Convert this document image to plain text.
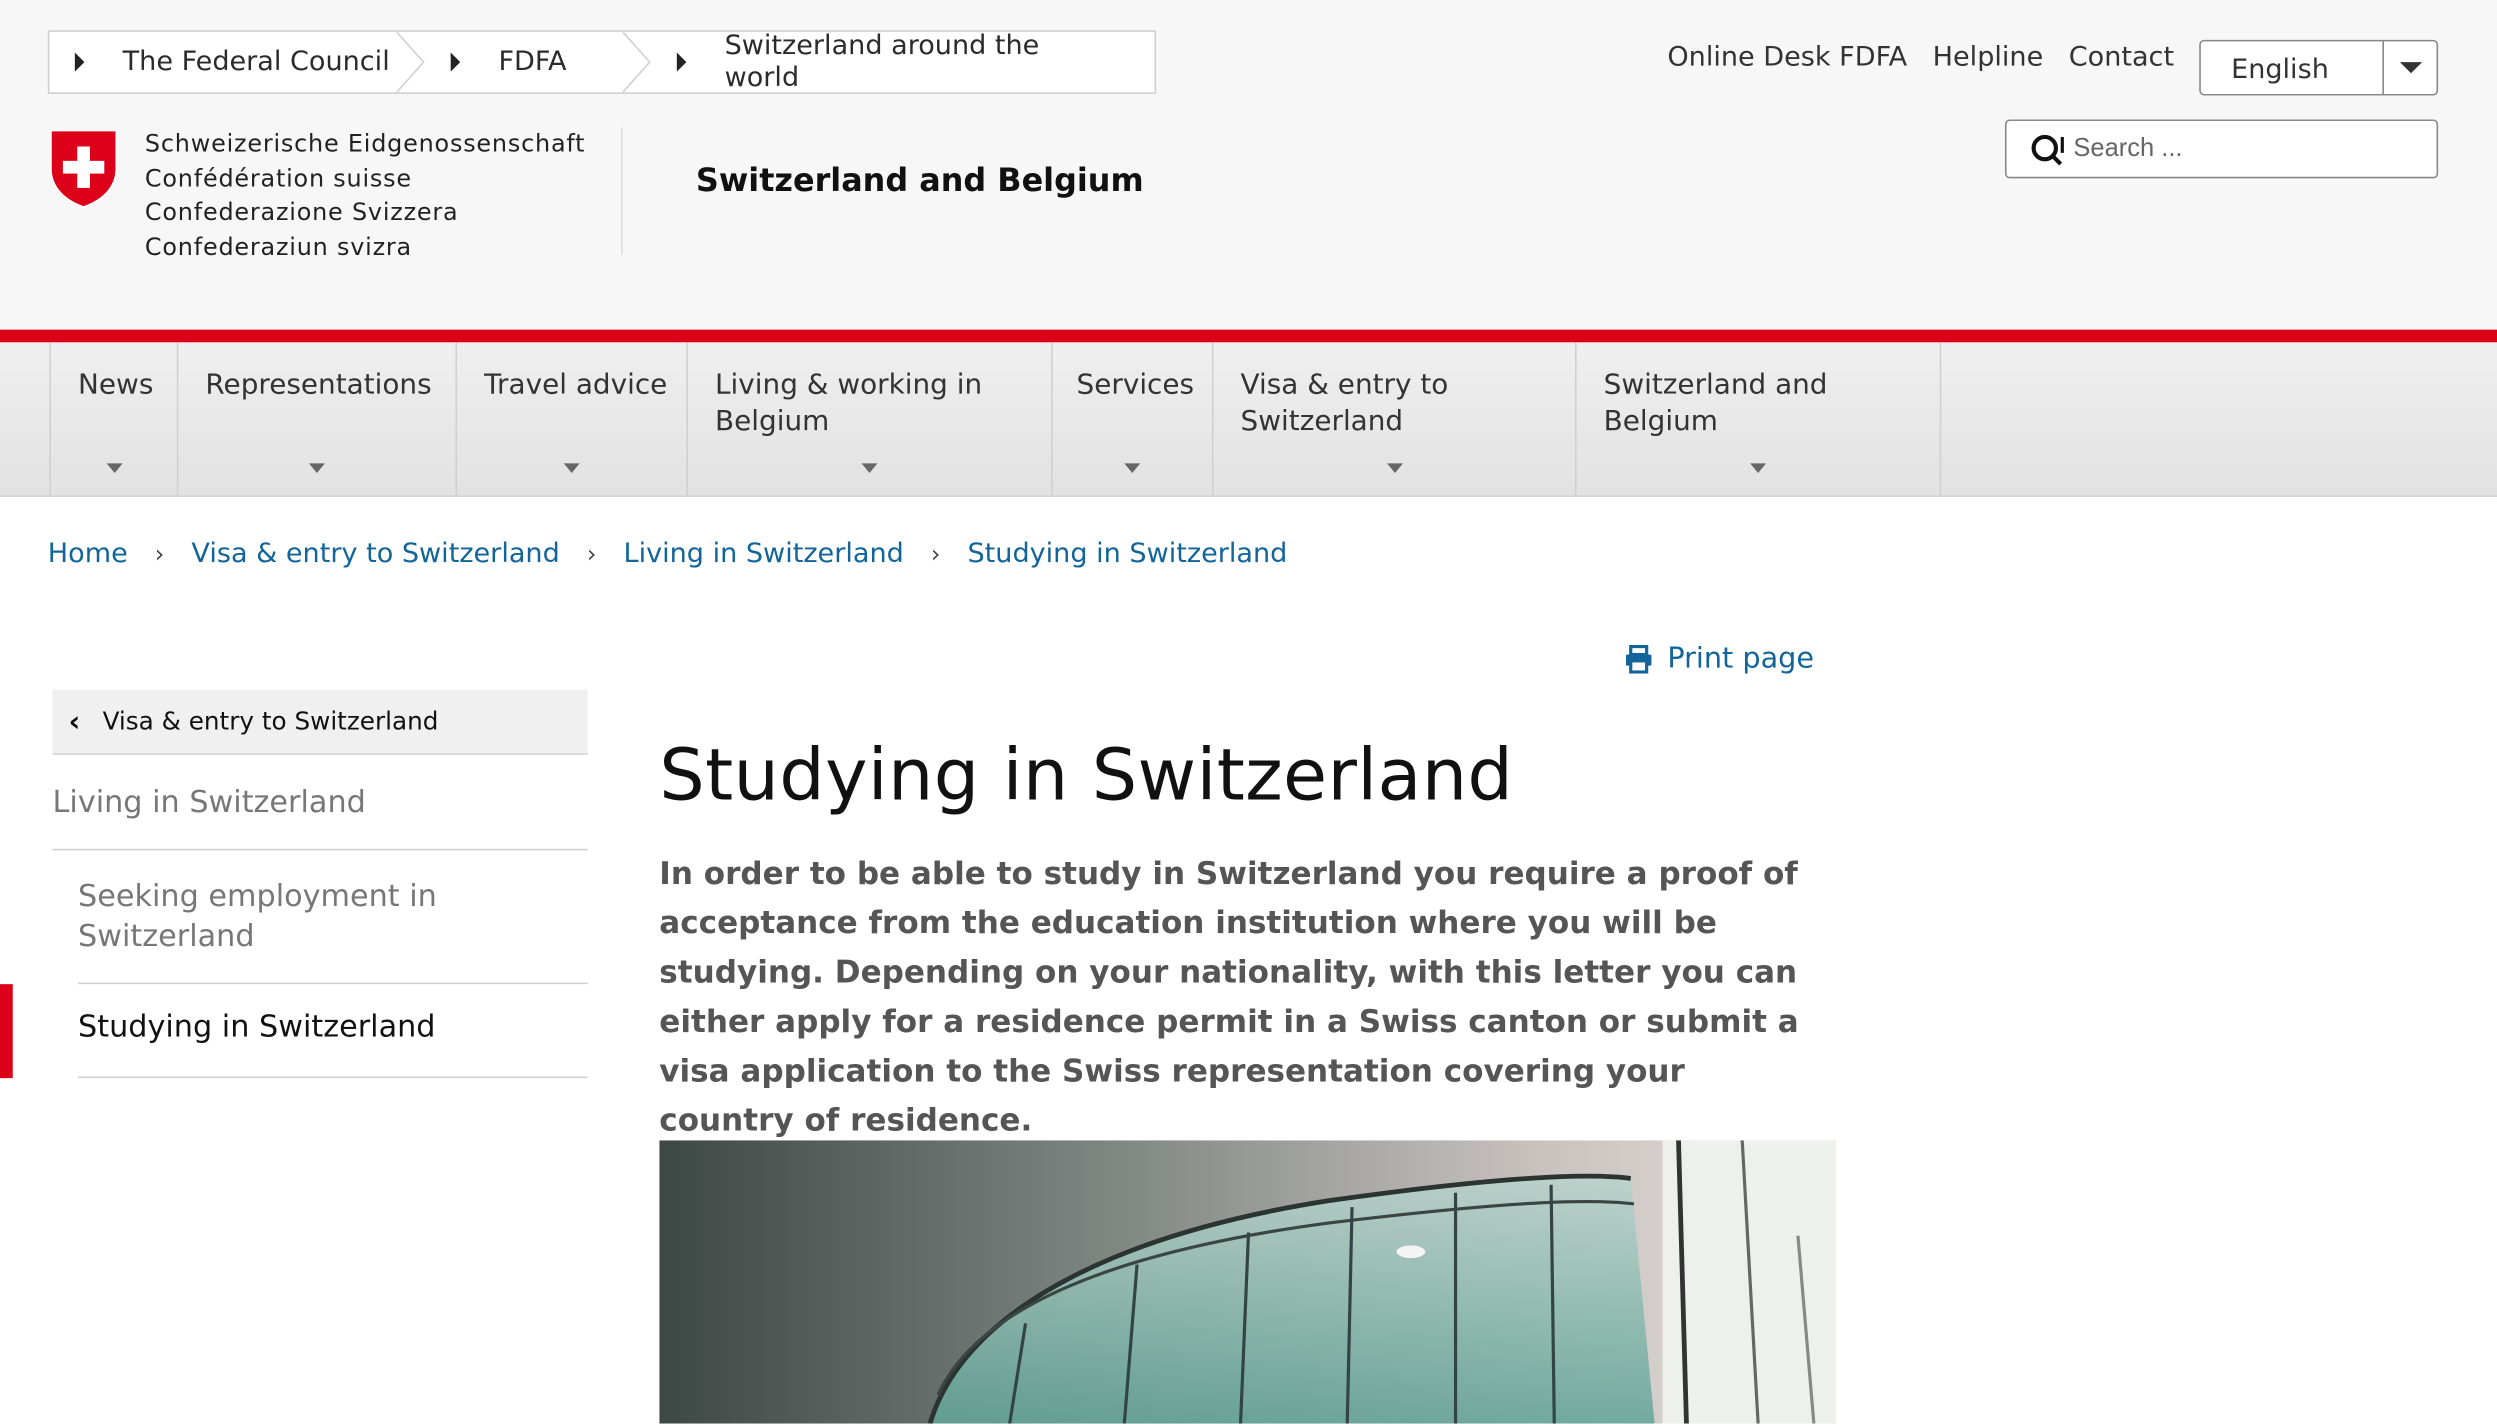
The Federal Council	FDFA	Switzerland around the world
Online Desk FDFA Helpline Contact	English
Search ...
Schweizerische Eidgenossenschaft
Confédération suisse
Confederazione Svizzera
Confederaziun svizra
Switzerland and Belgium
News	Representations	Travel advice	Living & working in Belgium
Services	Visa & entry to Switzerland
Switzerland and Belgium
Home › Visa & entry to Switzerland › Living in Switzerland › Studying in Switzerland
Print page
‹ Visa & entry to Switzerland
Living in Switzerland
Seeking employment in Switzerland
Studying in Switzerland
Studying in Switzerland

In order to be able to study in Switzerland you require a proof of acceptance from the education institution where you will be studying. Depending on your nationality, with this letter you can either apply for a residence permit in a Swiss canton or submit a visa application to the Swiss representation covering your country of residence.
